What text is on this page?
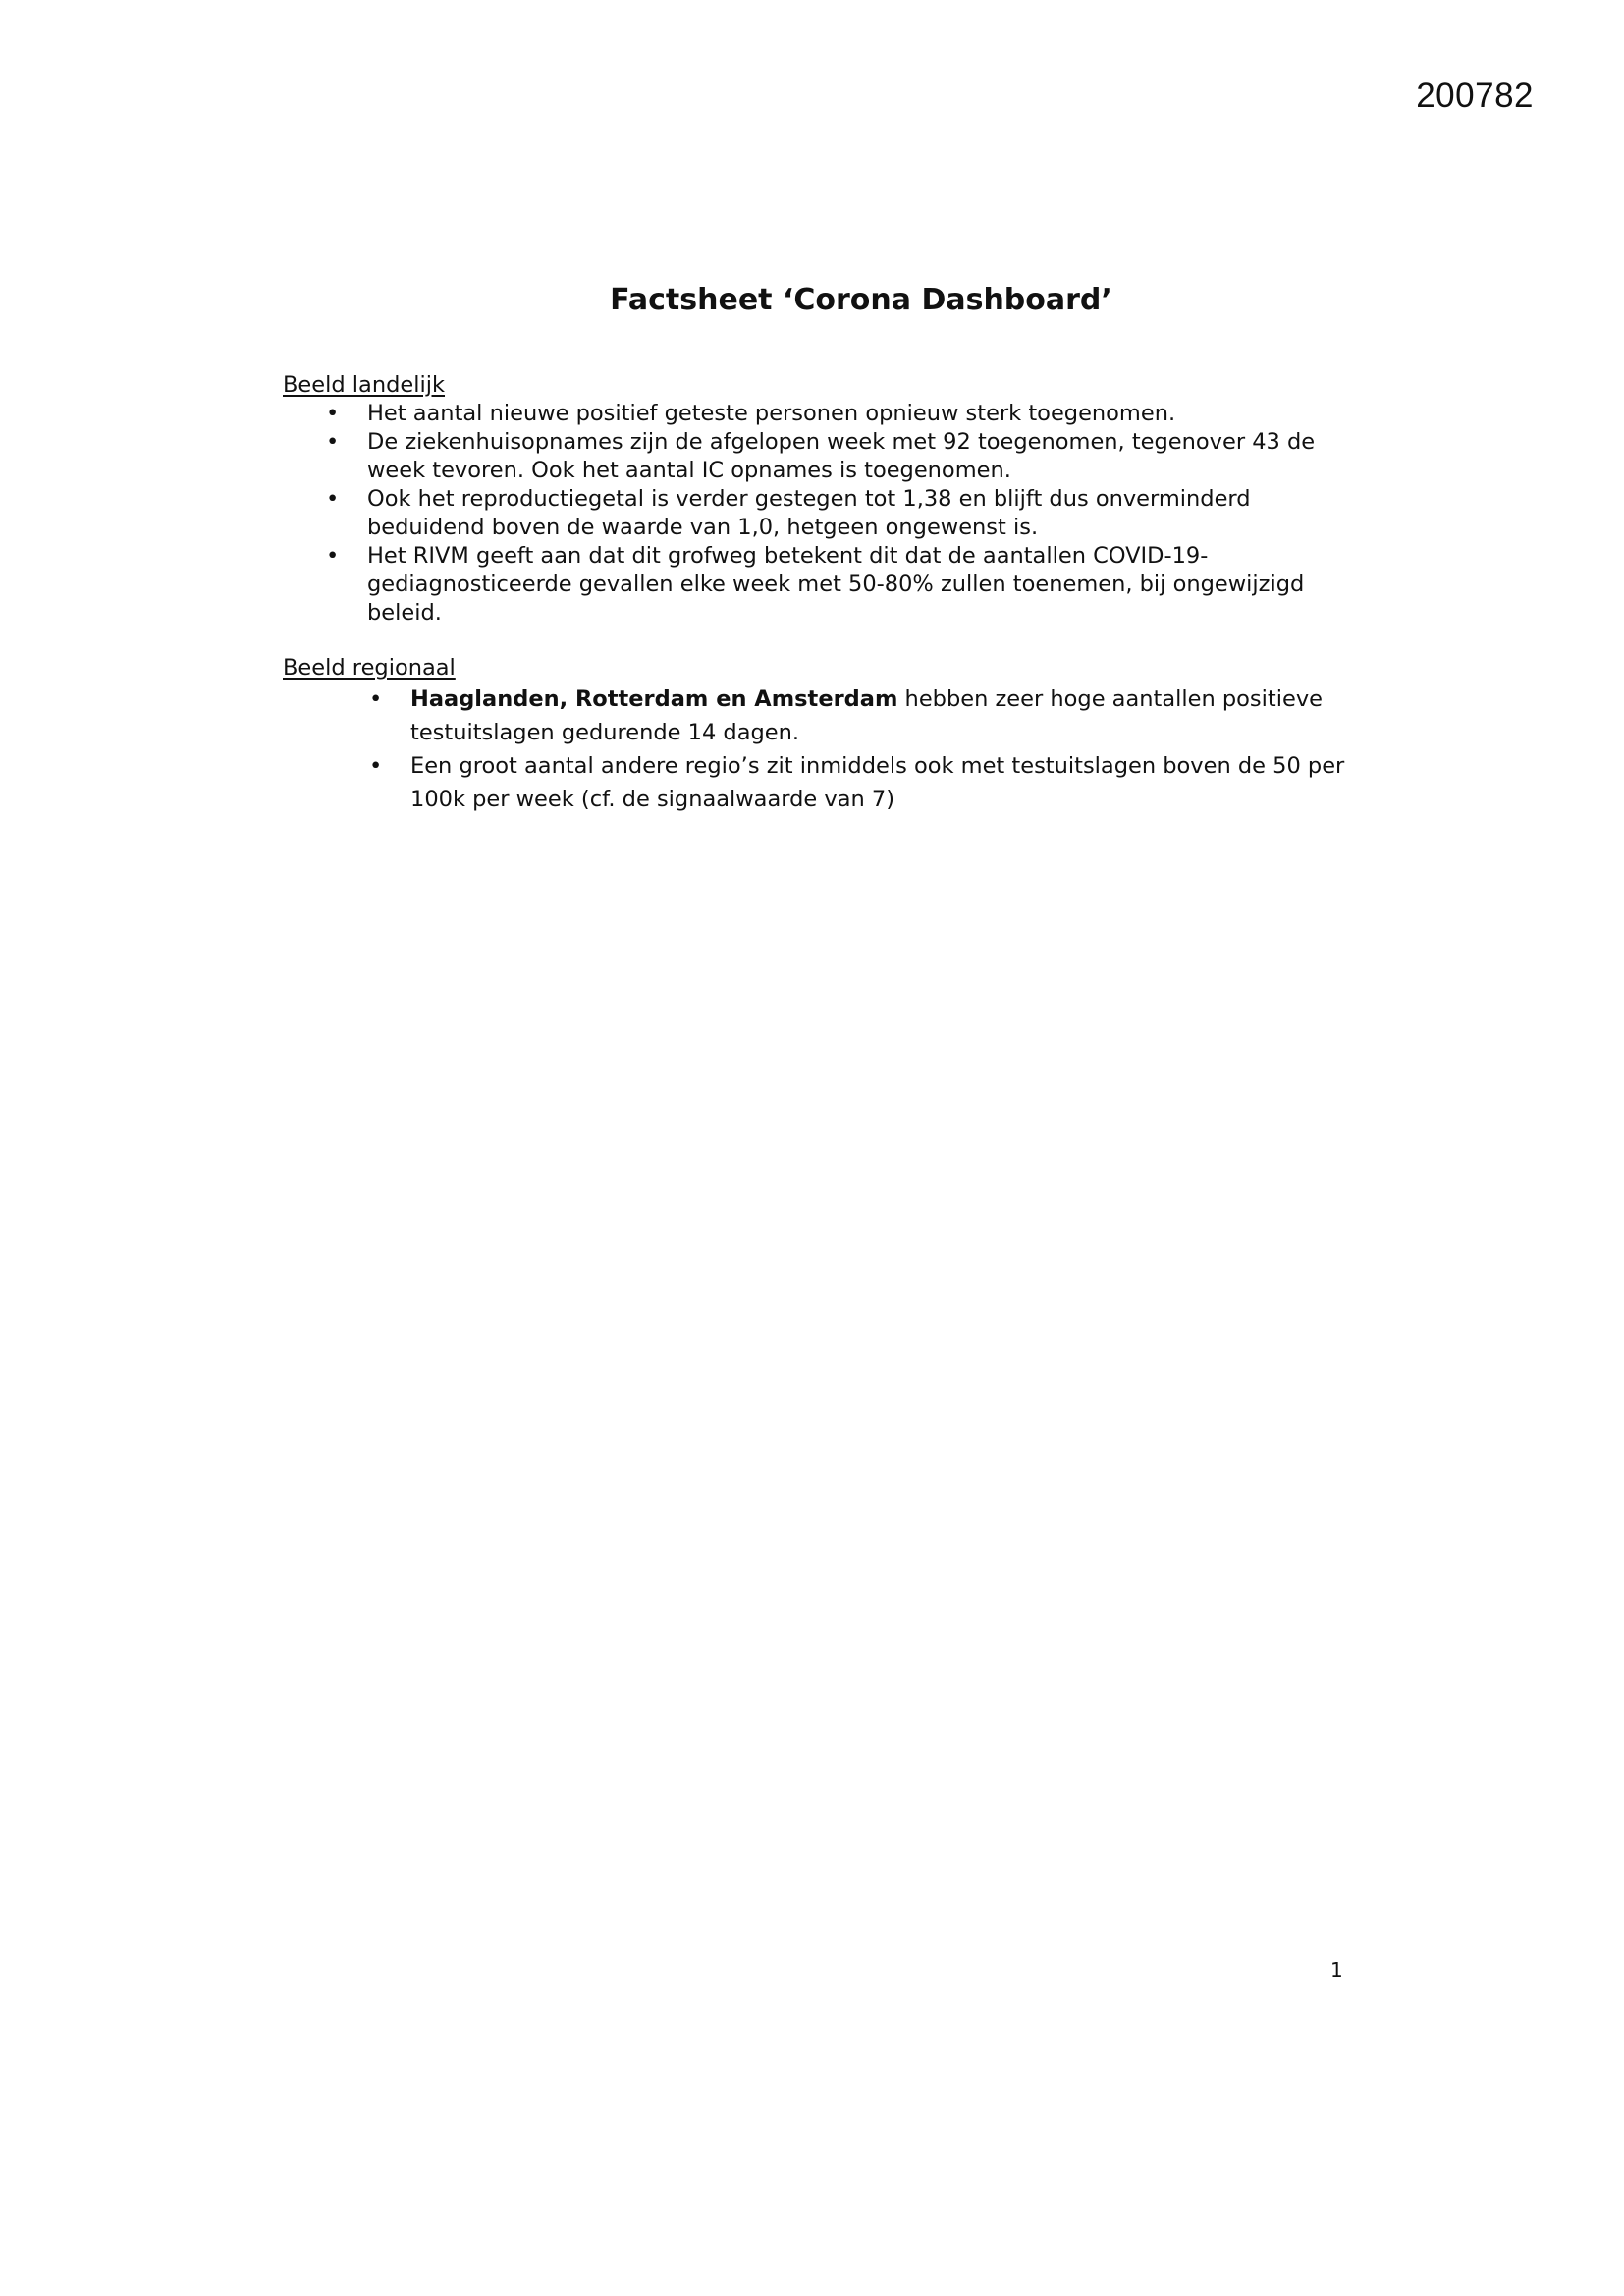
200782
Factsheet ‘Corona Dashboard’

Beeld landelijk

• Het aantal nieuwe positief geteste personen opnieuw sterk toegenomen.
• De ziekenhuisopnames zijn de afgelopen week met 92 toegenomen, tegenover 43 de week tevoren. Ook het aantal IC opnames is toegenomen.
• Ook het reproductiegetal is verder gestegen tot 1,38 en blijft dus onverminderd beduidend boven de waarde van 1,0, hetgeen ongewenst is.
• Het RIVM geeft aan dat dit grofweg betekent dit dat de aantallen COVID-19-gediagnosticeerde gevallen elke week met 50-80% zullen toenemen, bij ongewijzigd beleid.

Beeld regionaal

• Haaglanden, Rotterdam en Amsterdam hebben zeer hoge aantallen positieve testuitslagen gedurende 14 dagen.
• Een groot aantal andere regio’s zit inmiddels ook met testuitslagen boven de 50 per 100k per week (cf. de signaalwaarde van 7)
1
